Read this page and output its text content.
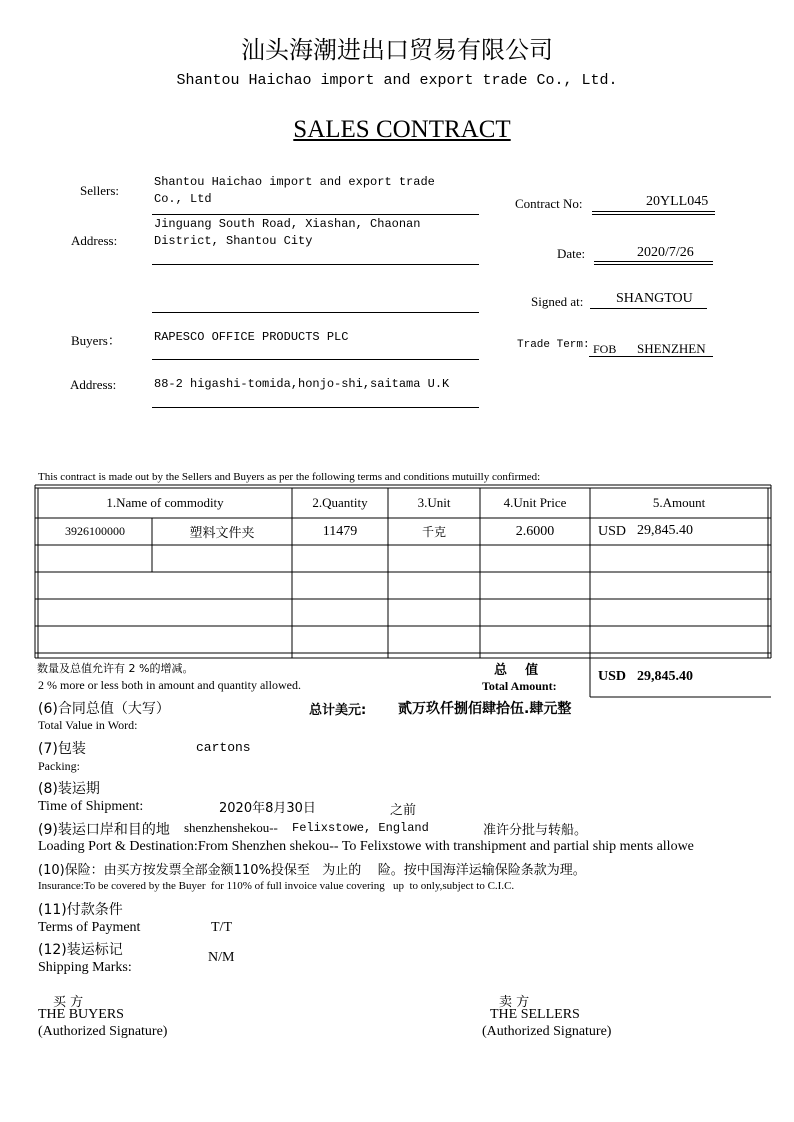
汕头海潮进出口贸易有限公司
Shantou Haichao import and export trade Co., Ltd.
SALES CONTRACT
Sellers:
Shantou Haichao import and export trade
Co., Ltd
Address:
Jinguang South Road, Xiashan, Chaonan
District, Shantou City
Buyers：	RAPESCO OFFICE PRODUCTS PLC
Address:	88-2 higashi-tomida,honjo-shi,saitama U.K
Contract No:	20YLL045
Date:	2020/7/26
Signed at: SHANGTOU
Trade Term: FOB SHENZHEN
This contract is made out by the Sellers and Buyers as per the following terms and conditions mutuilly confirmed:
1.Name of commodity	2.Quantity	3.Unit	4.Unit Price	5.Amount
3926100000	塑料文件夹	11479	千克	2.6000	USD 29,845.40
数量及总值允许有 2 %的增减。
2 % more or less both in amount and quantity allowed.
总    值
Total Amount:
USD 29,845.40
(6)合同总值（大写）	总计美元: 贰万玖仟捌佰肆拾伍.肆元整
Total Value in Word:
(7)包装	cartons
Packing:
(8)装运期
Time of Shipment:	2020年8月30日	之前
(9)装运口岸和目的地 shenzhenshekou-- Felixstowe, England	准许分批与转船。
Loading Port & Destination:From Shenzhen shekou-- To Felixstowe with transhipment and partial ship ments allowe
(10)保险：由买方按发票全部金额110%投保至   为止的    险。按中国海洋运输保险条款为理。
Insurance:To be covered by the Buyer  for 110% of full invoice value covering   up  to only,subject to C.I.C.
(11)付款条件
Terms of Payment	T/T
(12)装运标记
Shipping Marks:
N/M
买 方
THE BUYERS
(Authorized Signature)
卖 方
THE SELLERS
(Authorized Signature)
